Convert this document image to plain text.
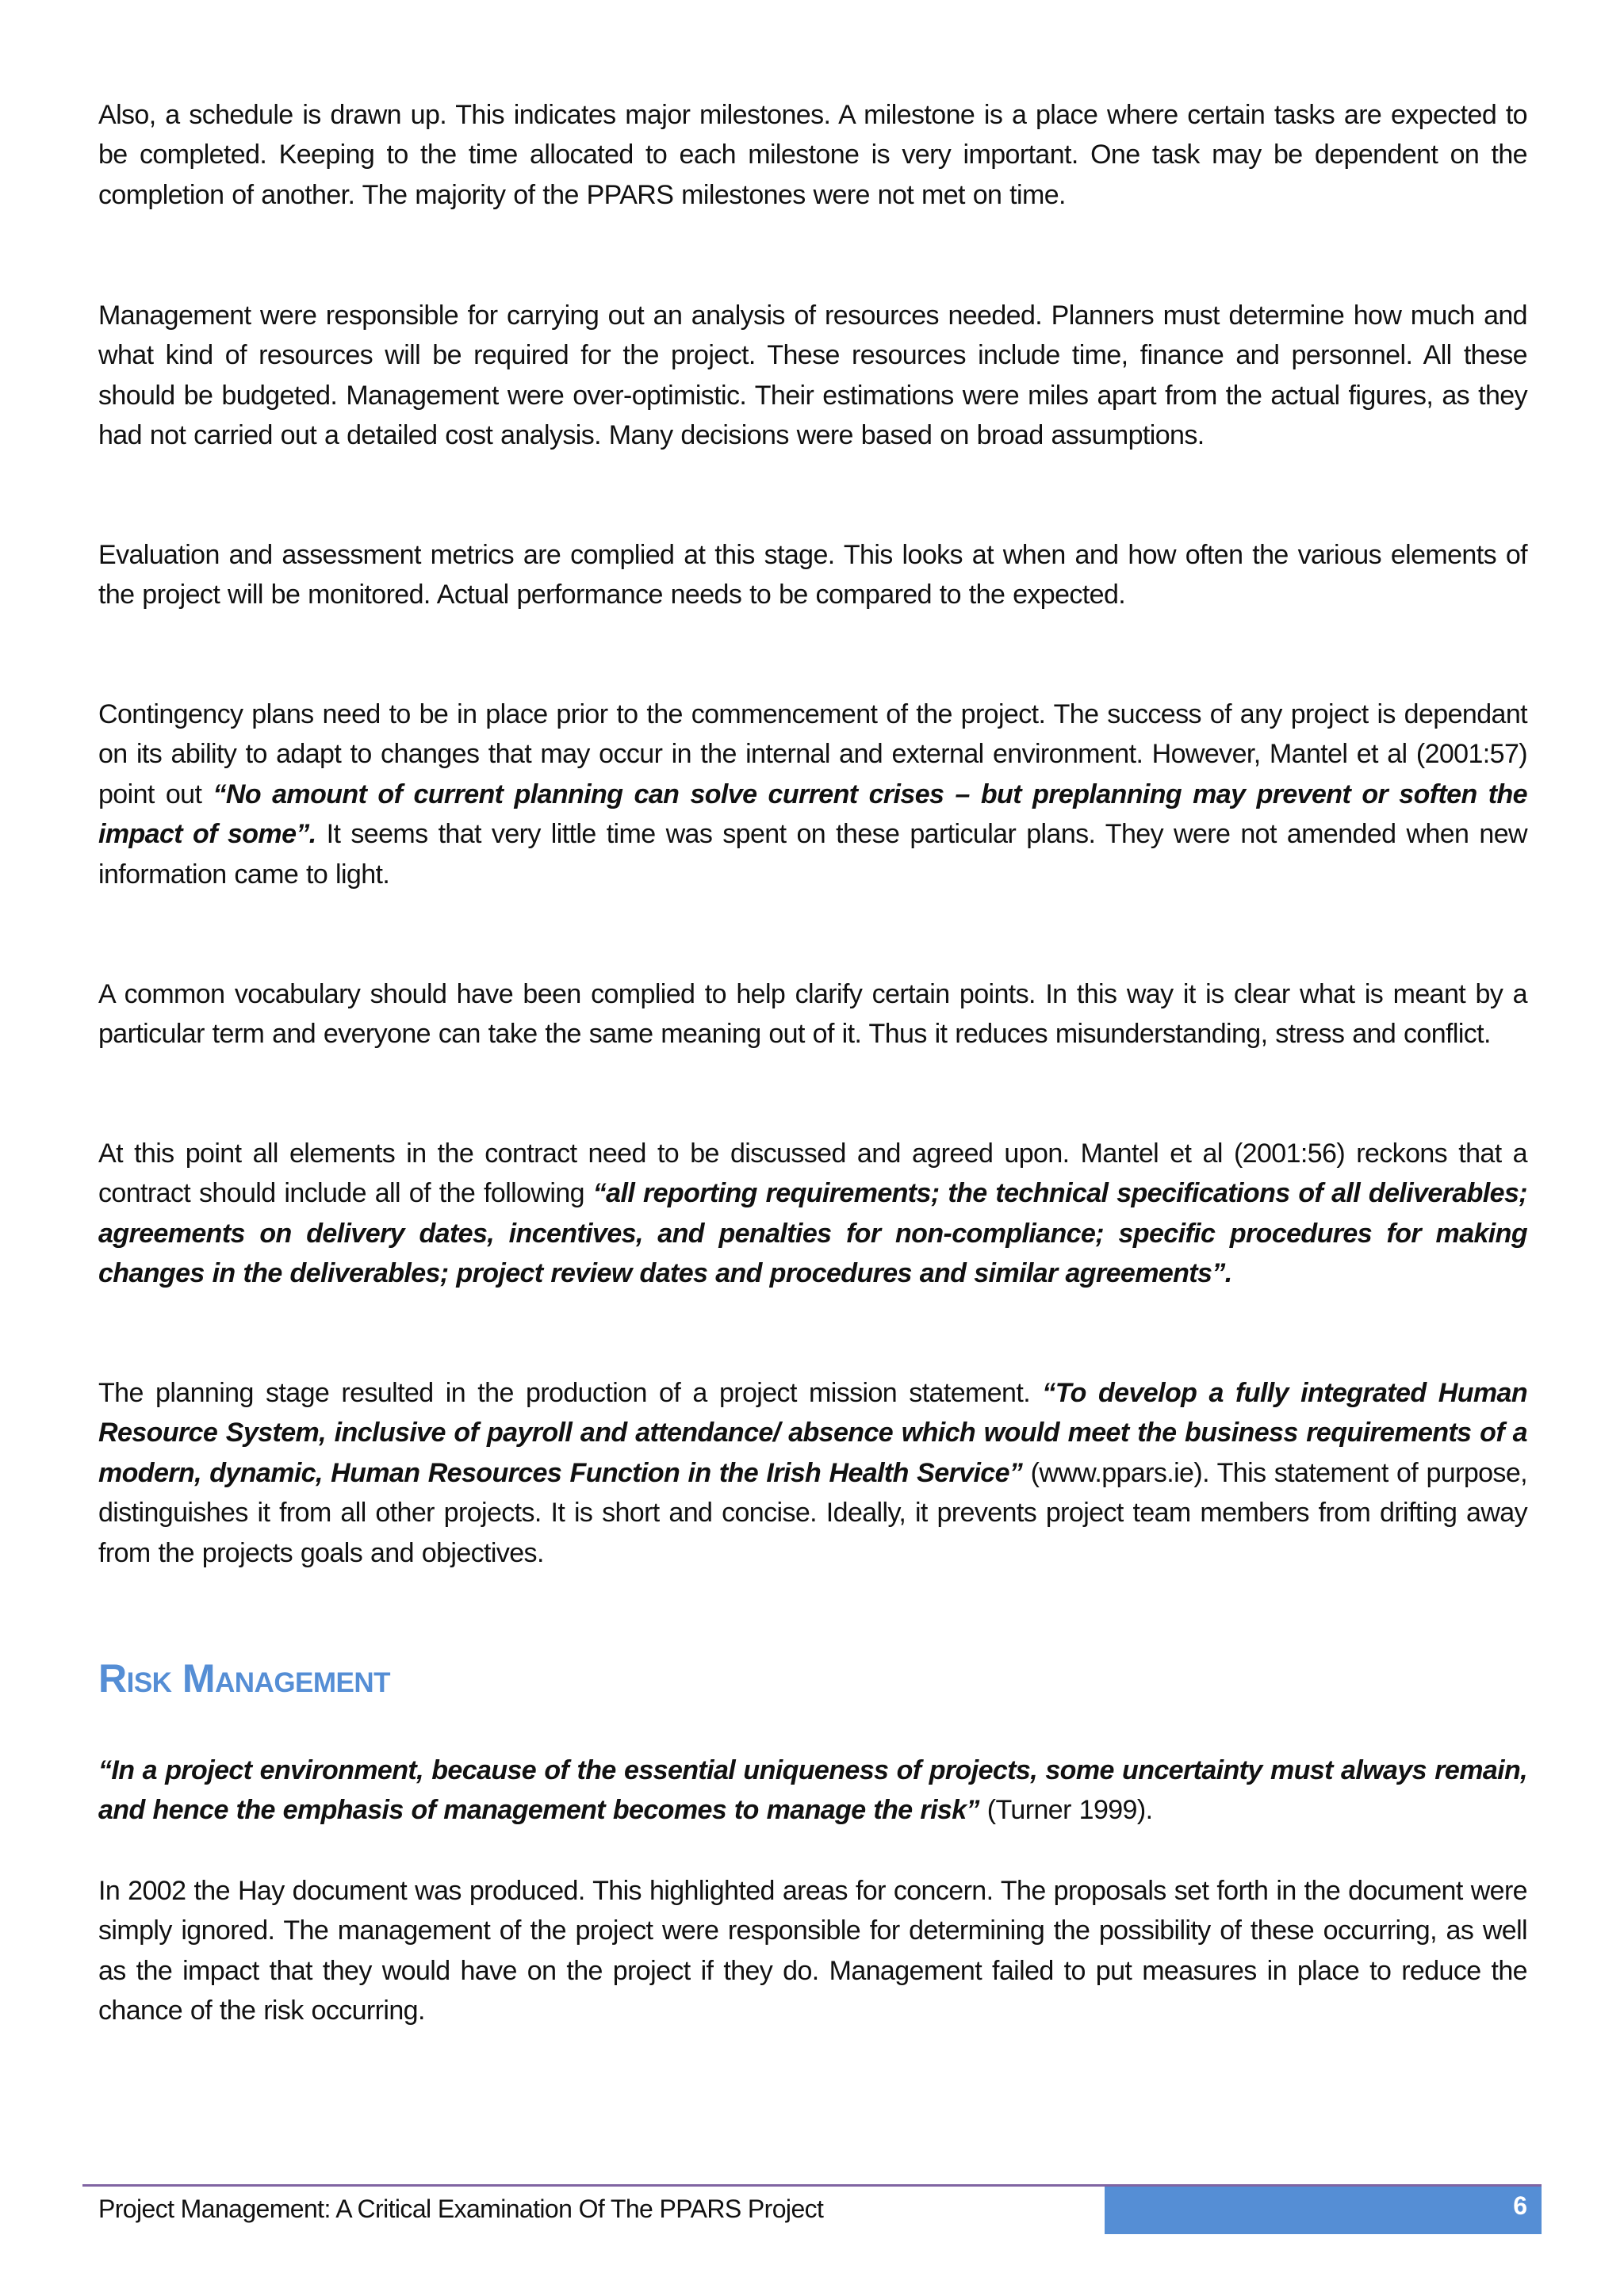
Also, a schedule is drawn up. This indicates major milestones. A milestone is a place where certain tasks are expected to be completed. Keeping to the time allocated to each milestone is very important. One task may be dependent on the completion of another. The majority of the PPARS milestones were not met on time.

Management were responsible for carrying out an analysis of resources needed. Planners must determine how much and what kind of resources will be required for the project. These resources include time, finance and personnel. All these should be budgeted. Management were over-optimistic. Their estimations were miles apart from the actual figures, as they had not carried out a detailed cost analysis. Many decisions were based on broad assumptions.

Evaluation and assessment metrics are complied at this stage. This looks at when and how often the various elements of the project will be monitored. Actual performance needs to be compared to the expected.

Contingency plans need to be in place prior to the commencement of the project. The success of any project is dependant on its ability to adapt to changes that may occur in the internal and external environment. However, Mantel et al (2001:57) point out “No amount of current planning can solve current crises – but preplanning may prevent or soften the impact of some”. It seems that very little time was spent on these particular plans. They were not amended when new information came to light.

A common vocabulary should have been complied to help clarify certain points. In this way it is clear what is meant by a particular term and everyone can take the same meaning out of it. Thus it reduces misunderstanding, stress and conflict.

At this point all elements in the contract need to be discussed and agreed upon. Mantel et al (2001:56) reckons that a contract should include all of the following “all reporting requirements; the technical specifications of all deliverables; agreements on delivery dates, incentives, and penalties for non-compliance; specific procedures for making changes in the deliverables; project review dates and procedures and similar agreements”.

The planning stage resulted in the production of a project mission statement. “To develop a fully integrated Human Resource System, inclusive of payroll and attendance/ absence which would meet the business requirements of a modern, dynamic, Human Resources Function in the Irish Health Service” (www.ppars.ie). This statement of purpose, distinguishes it from all other projects. It is short and concise. Ideally, it prevents project team members from drifting away from the projects goals and objectives.

Risk Management

“In a project environment, because of the essential uniqueness of projects, some uncertainty must always remain, and hence the emphasis of management becomes to manage the risk” (Turner 1999).

In 2002 the Hay document was produced. This highlighted areas for concern. The proposals set forth in the document were simply ignored. The management of the project were responsible for determining the possibility of these occurring, as well as the impact that they would have on the project if they do. Management failed to put measures in place to reduce the chance of the risk occurring.

Project Management: A Critical Examination Of The PPARS Project	6
